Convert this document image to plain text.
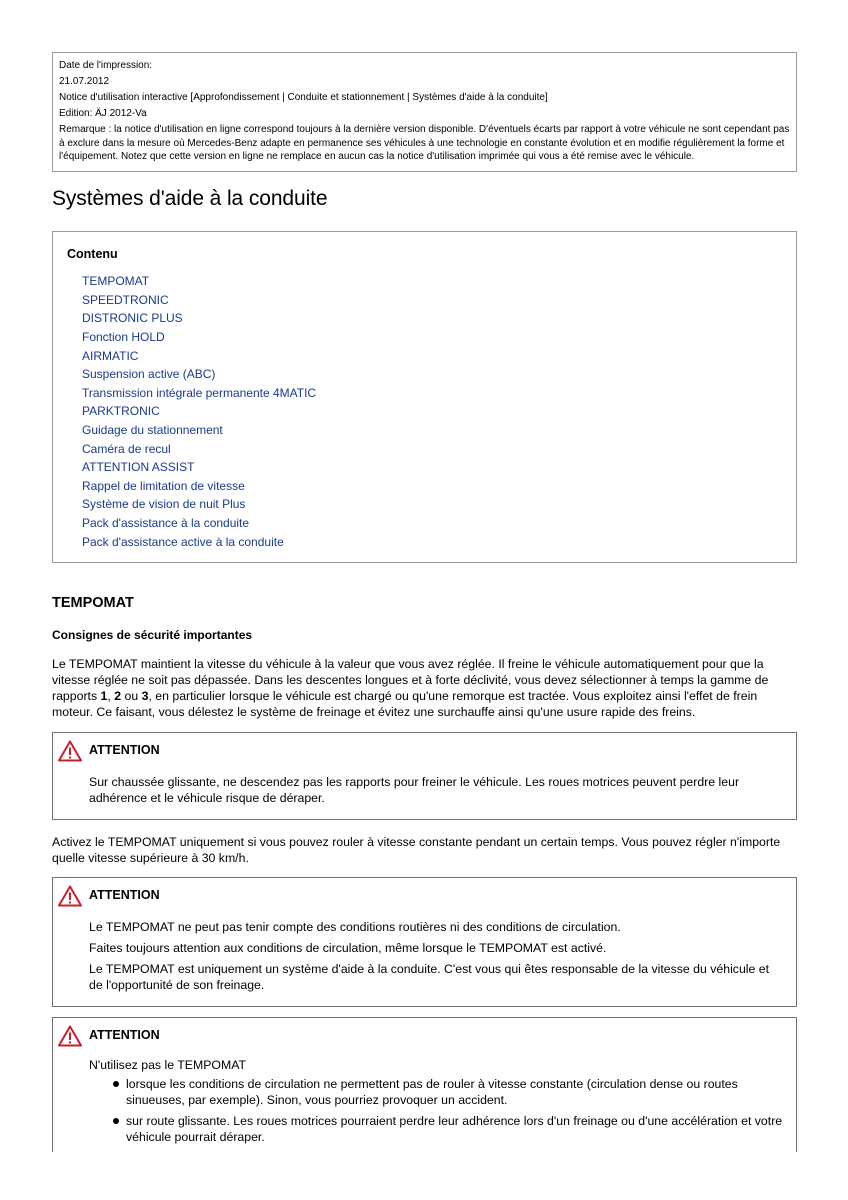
Date de l'impression:

21.07.2012

Notice d'utilisation interactive [Approfondissement | Conduite et stationnement | Systèmes d'aide à la conduite]

Edition: ÄJ 2012-Va

Remarque : la notice d'utilisation en ligne correspond toujours à la dernière version disponible. D'éventuels écarts par rapport à votre véhicule ne sont cependant pas à exclure dans la mesure où Mercedes-Benz adapte en permanence ses véhicules à une technologie en constante évolution et en modifie régulièrement la forme et l'équipement. Notez que cette version en ligne ne remplace en aucun cas la notice d'utilisation imprimée qui vous a été remise avec le véhicule.

Systèmes d'aide à la conduite
Contenu
TEMPOMAT
SPEEDTRONIC
DISTRONIC PLUS
Fonction HOLD
AIRMATIC
Suspension active (ABC)
Transmission intégrale permanente 4MATIC
PARKTRONIC
Guidage du stationnement
Caméra de recul
ATTENTION ASSIST
Rappel de limitation de vitesse
Système de vision de nuit Plus
Pack d'assistance à la conduite
Pack d'assistance active à la conduite
TEMPOMAT
Consignes de sécurité importantes

Le TEMPOMAT maintient la vitesse du véhicule à la valeur que vous avez réglée. Il freine le véhicule automatiquement pour que la vitesse réglée ne soit pas dépassée. Dans les descentes longues et à forte déclivité, vous devez sélectionner à temps la gamme de rapports 1, 2 ou 3, en particulier lorsque le véhicule est chargé ou qu'une remorque est tractée. Vous exploitez ainsi l'effet de frein moteur. Ce faisant, vous délestez le système de freinage et évitez une surchauffe ainsi qu'une usure rapide des freins.

ATTENTION

Sur chaussée glissante, ne descendez pas les rapports pour freiner le véhicule. Les roues motrices peuvent perdre leur adhérence et le véhicule risque de déraper.

Activez le TEMPOMAT uniquement si vous pouvez rouler à vitesse constante pendant un certain temps. Vous pouvez régler n'importe quelle vitesse supérieure à 30 km/h.

ATTENTION

Le TEMPOMAT ne peut pas tenir compte des conditions routières ni des conditions de circulation.

Faites toujours attention aux conditions de circulation, même lorsque le TEMPOMAT est activé.

Le TEMPOMAT est uniquement un système d'aide à la conduite. C'est vous qui êtes responsable de la vitesse du véhicule et de l'opportunité de son freinage.

ATTENTION

N'utilisez pas le TEMPOMAT

lorsque les conditions de circulation ne permettent pas de rouler à vitesse constante (circulation dense ou routes sinueuses, par exemple). Sinon, vous pourriez provoquer un accident.
sur route glissante. Les roues motrices pourraient perdre leur adhérence lors d'un freinage ou d'une accélération et votre véhicule pourrait déraper.
